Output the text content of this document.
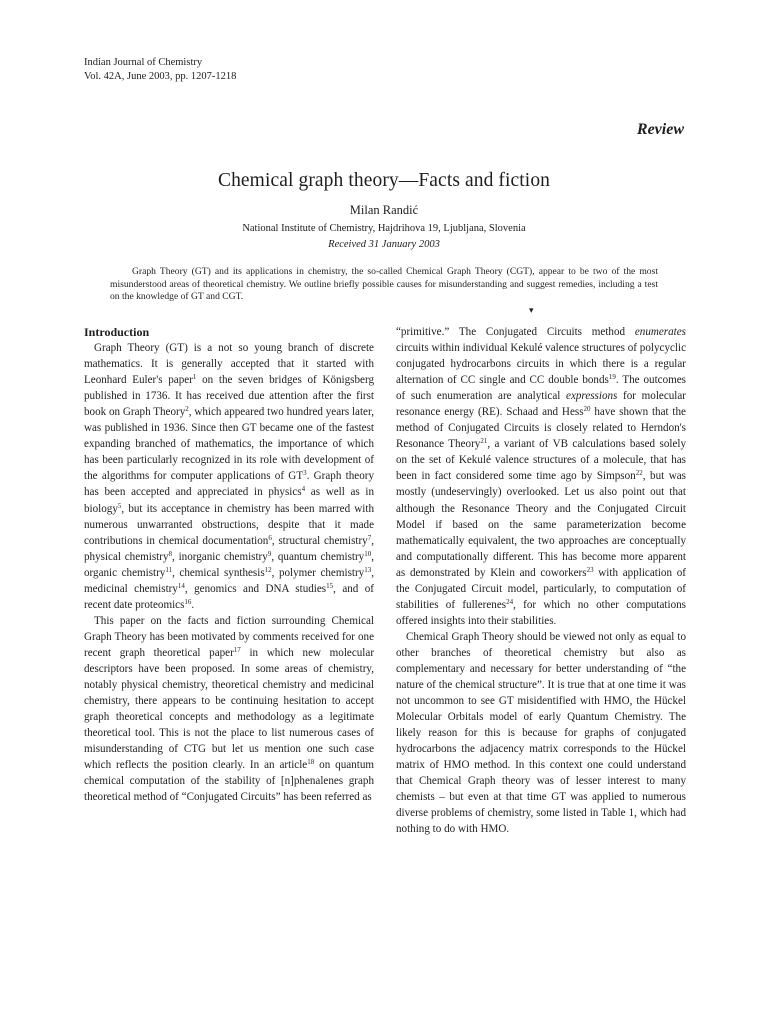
Indian Journal of Chemistry
Vol. 42A, June 2003, pp. 1207-1218
Review
Chemical graph theory—Facts and fiction
Milan Randić
National Institute of Chemistry, Hajdrihova 19, Ljubljana, Slovenia
Received 31 January 2003
Graph Theory (GT) and its applications in chemistry, the so-called Chemical Graph Theory (CGT), appear to be two of the most misunderstood areas of theoretical chemistry. We outline briefly possible causes for misunderstanding and suggest remedies, including a test on the knowledge of GT and CGT.
▾
Introduction

Graph Theory (GT) is a not so young branch of discrete mathematics. It is generally accepted that it started with Leonhard Euler's paper$^1$ on the seven bridges of Königsberg published in 1736. It has received due attention after the first book on Graph Theory$^2$, which appeared two hundred years later, was published in 1936. Since then GT became one of the fastest expanding branched of mathematics, the importance of which has been particularly recognized in its role with development of the algorithms for computer applications of $GT^3$. Graph theory has been accepted and appreciated in physics$^4$ as well as in biology$^5$, but its acceptance in chemistry has been marred with numerous unwarranted obstructions, despite that it made contributions in chemical documentation$^6$, structural chemistry$^7$, physical chemistry$^8$, inorganic chemistry$^9$, quantum chemistry$^{10}$, organic chemistry$^{11}$, chemical synthesis$^{12}$, polymer chemistry$^{13}$, medicinal chemistry$^{14}$, genomics and DNA studies$^{15}$, and of recent date proteomics$^{16}$.

This paper on the facts and fiction surrounding Chemical Graph Theory has been motivated by comments received for one recent graph theoretical paper$^{17}$ in which new molecular descriptors have been proposed. In some areas of chemistry, notably physical chemistry, theoretical chemistry and medicinal chemistry, there appears to be continuing hesitation to accept graph theoretical concepts and methodology as a legitimate theoretical tool. This is not the place to list numerous cases of misunderstanding of CTG but let us mention one such case which reflects the position clearly. In an article$^{18}$ on quantum chemical computation of the stability of [n]phenalenes graph theoretical method of “Conjugated Circuits” has been referred as

“primitive.” The Conjugated Circuits method enumerates circuits within individual Kekulé valence structures of polycyclic conjugated hydrocarbons circuits in which there is a regular alternation of CC single and CC double bonds$^{19}$. The outcomes of such enumeration are analytical expressions for molecular resonance energy (RE). Schaad and Hess$^{20}$ have shown that the method of Conjugated Circuits is closely related to Herndon's Resonance Theory$^{21}$, a variant of VB calculations based solely on the set of Kekulé valence structures of a molecule, that has been in fact considered some time ago by Simpson$^{22}$, but was mostly (undeservingly) overlooked. Let us also point out that although the Resonance Theory and the Conjugated Circuit Model if based on the same parameterization become mathematically equivalent, the two approaches are conceptually and computationally different. This has become more apparent as demonstrated by Klein and coworkers$^{23}$ with application of the Conjugated Circuit model, particularly, to computation of stabilities of fullerenes$^{24}$, for which no other computations offered insights into their stabilities.

Chemical Graph Theory should be viewed not only as equal to other branches of theoretical chemistry but also as complementary and necessary for better understanding of “the nature of the chemical structure”. It is true that at one time it was not uncommon to see GT misidentified with HMO, the Hückel Molecular Orbitals model of early Quantum Chemistry. The likely reason for this is because for graphs of conjugated hydrocarbons the adjacency matrix corresponds to the Hückel matrix of HMO method. In this context one could understand that Chemical Graph theory was of lesser interest to many chemists – but even at that time GT was applied to numerous diverse problems of chemistry, some listed in Table 1, which had nothing to do with HMO.
